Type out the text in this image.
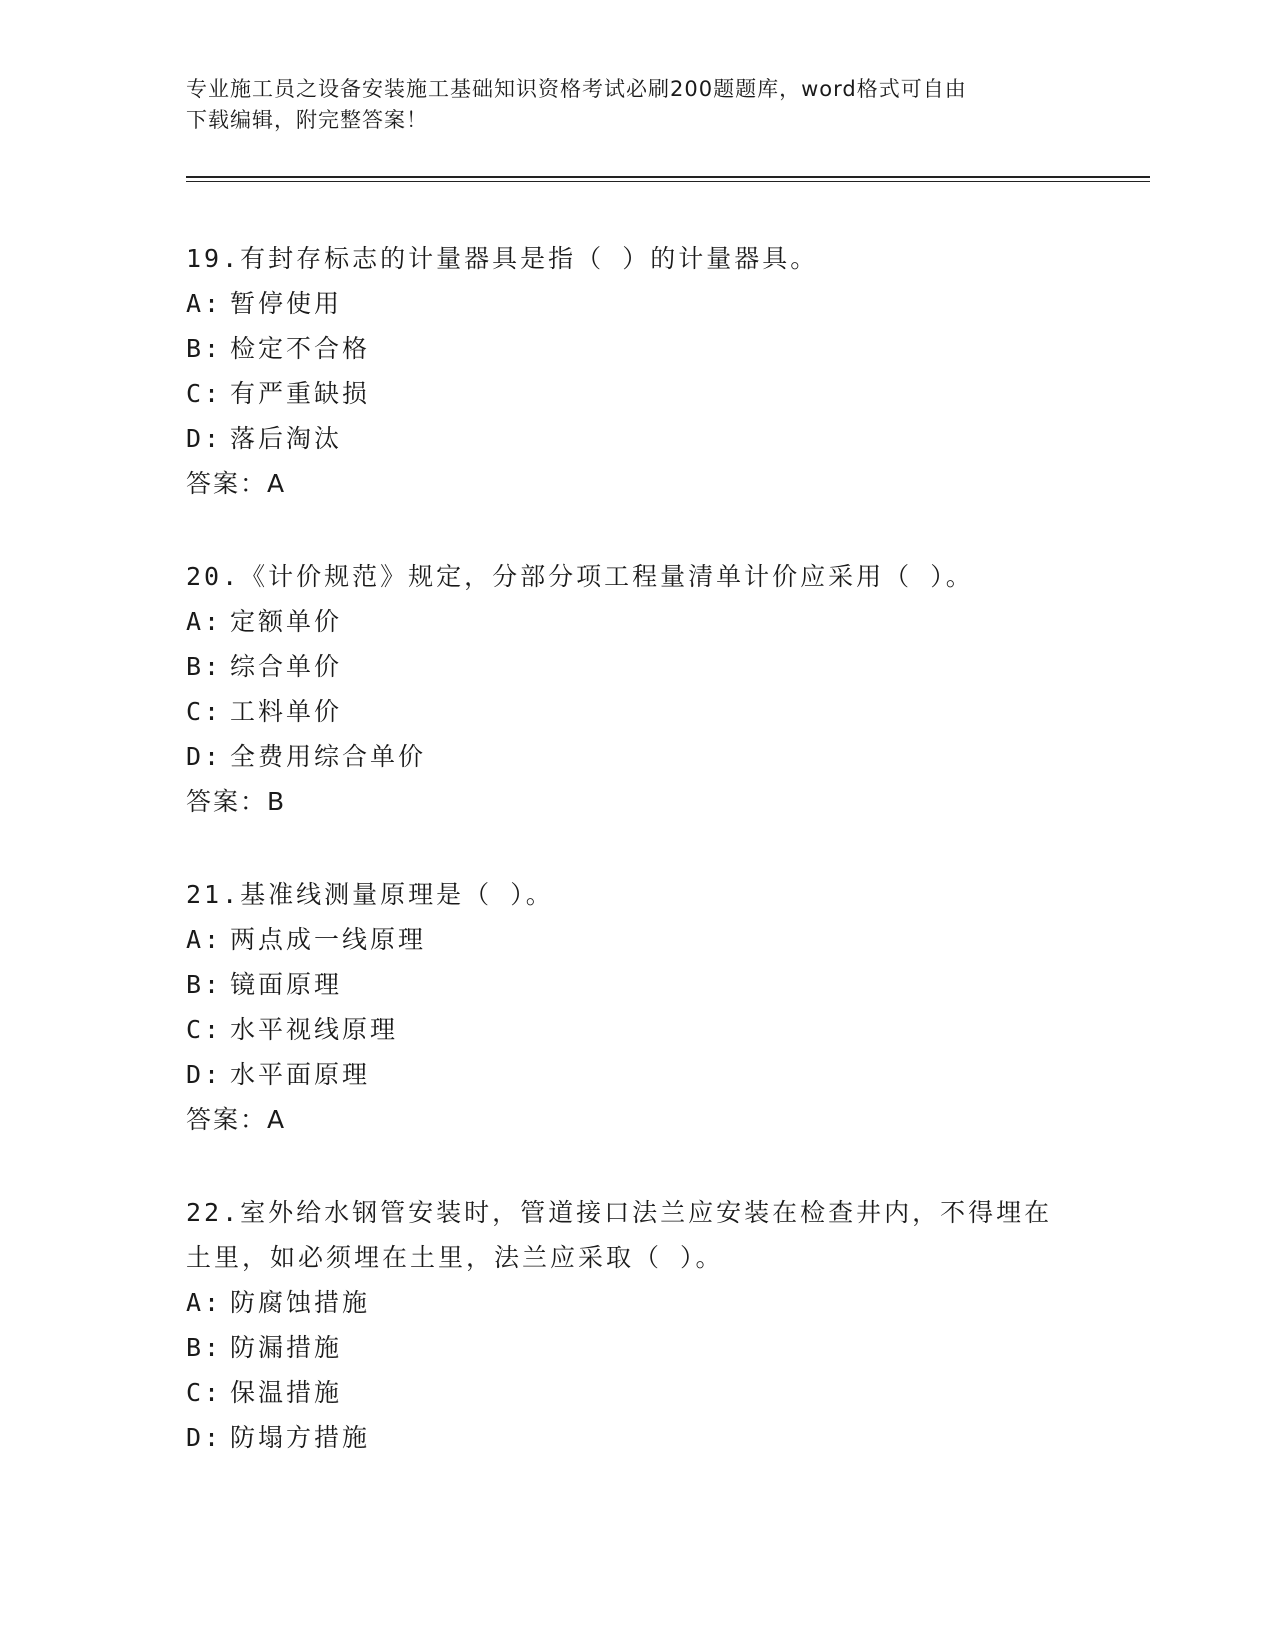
专业施工员之设备安装施工基础知识资格考试必刷200题题库，word格式可自由
下载编辑，附完整答案！
19.有封存标志的计量器具是指（ ）的计量器具。
A: 暂停使用
B: 检定不合格
C: 有严重缺损
D: 落后淘汰
答案：A
20.《计价规范》规定，分部分项工程量清单计价应采用（ ）。
A: 定额单价
B: 综合单价
C: 工料单价
D: 全费用综合单价
答案：B
21.基准线测量原理是（ ）。
A: 两点成一线原理
B: 镜面原理
C: 水平视线原理
D: 水平面原理
答案：A
22.室外给水钢管安装时，管道接口法兰应安装在检查井内，不得埋在
土里，如必须埋在土里，法兰应采取（ ）。
A: 防腐蚀措施
B: 防漏措施
C: 保温措施
D: 防塌方措施
